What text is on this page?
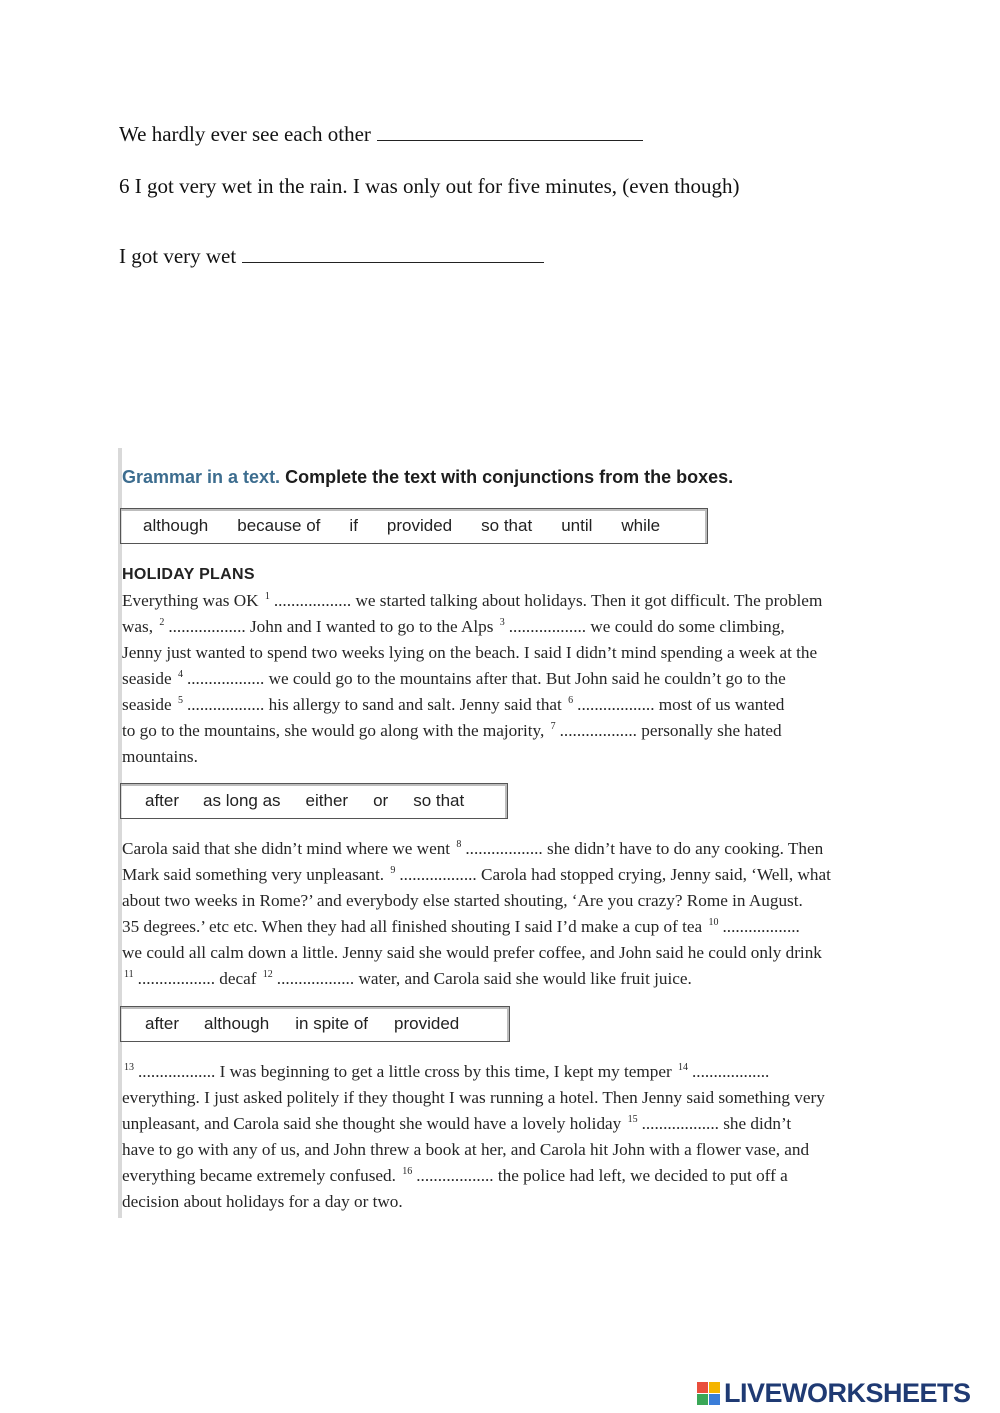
We hardly ever see each other
6 I got very wet in the rain. I was only out for five minutes, (even though)
I got very wet
Grammar in a text. Complete the text with conjunctions from the boxes.
although because of if provided so that until while
HOLIDAY PLANS
Everything was OK $^1$ .................. we started talking about holidays. Then it got difficult. The problem
was, $^2$ .................. John and I wanted to go to the Alps $^3$ .................. we could do some climbing,
Jenny just wanted to spend two weeks lying on the beach. I said I didn’t mind spending a week at the
seaside $^4$ .................. we could go to the mountains after that. But John said he couldn’t go to the
seaside $^5$ .................. his allergy to sand and salt. Jenny said that $^6$ .................. most of us wanted
to go to the mountains, she would go along with the majority, $^7$ .................. personally she hated
mountains.
after as long as either or so that
Carola said that she didn’t mind where we went $^8$ .................. she didn’t have to do any cooking. Then
Mark said something very unpleasant. $^9$ .................. Carola had stopped crying, Jenny said, ‘Well, what
about two weeks in Rome?’ and everybody else started shouting, ‘Are you crazy? Rome in August.
35 degrees.’ etc etc. When they had all finished shouting I said I’d make a cup of tea $^{10}$ ..................
we could all calm down a little. Jenny said she would prefer coffee, and John said he could only drink
$^{11}$ .................. decaf $^{12}$ .................. water, and Carola said she would like fruit juice.
after although in spite of provided
$^{13}$ .................. I was beginning to get a little cross by this time, I kept my temper $^{14}$ ..................
everything. I just asked politely if they thought I was running a hotel. Then Jenny said something very
unpleasant, and Carola said she thought she would have a lovely holiday $^{15}$ .................. she didn’t
have to go with any of us, and John threw a book at her, and Carola hit John with a flower vase, and
everything became extremely confused. $^{16}$ .................. the police had left, we decided to put off a
decision about holidays for a day or two.
LIVEWORKSHEETS
